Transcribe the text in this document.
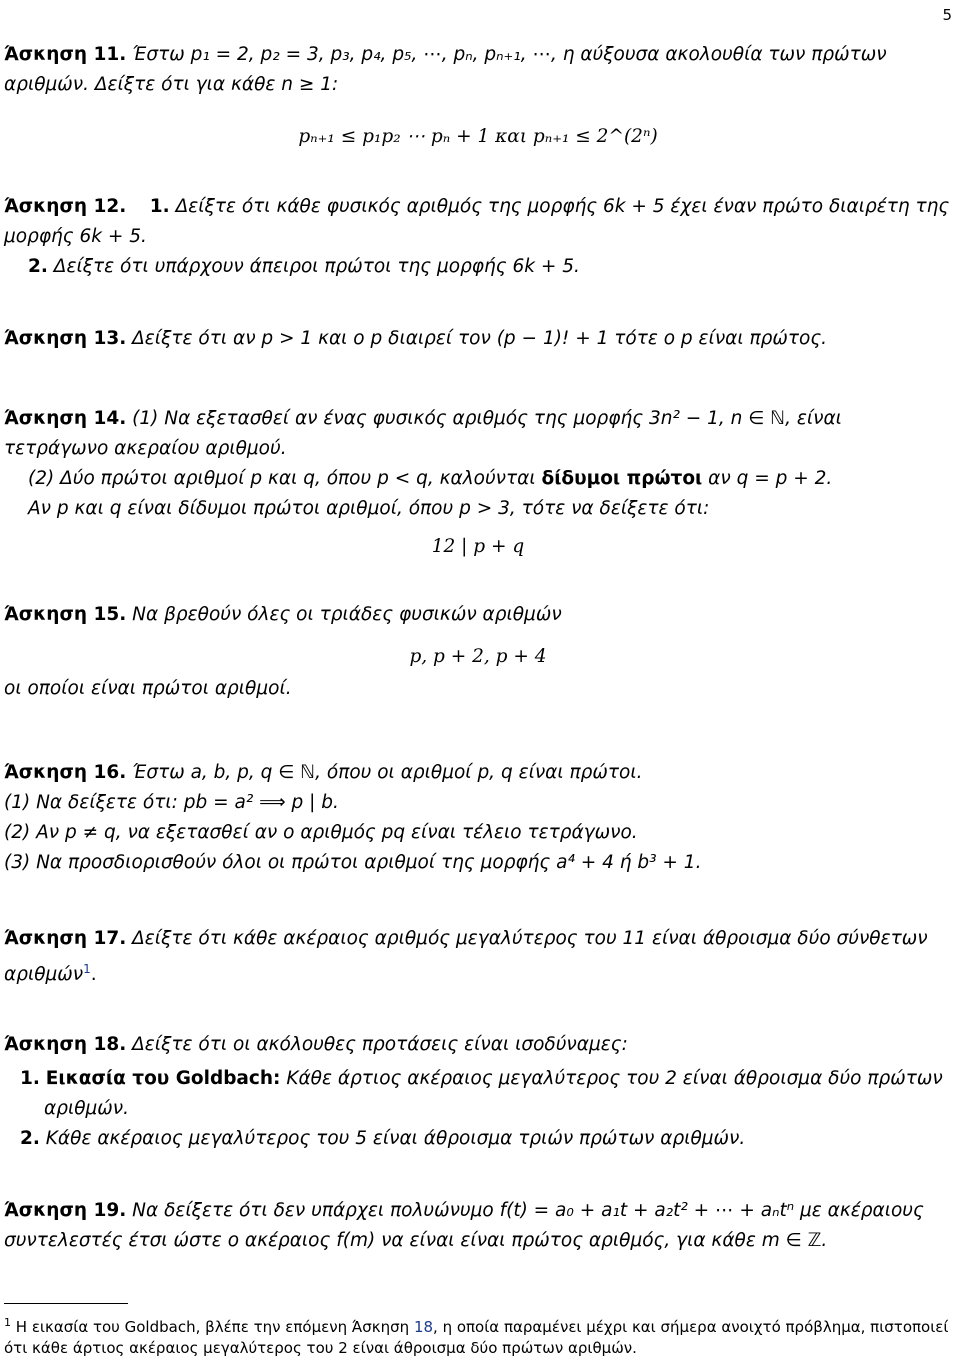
5
Άσκηση 11. Έστω p₁ = 2, p₂ = 3, p₃, p₄, p₅, ⋯, pₙ, pₙ₊₁, ⋯, η αύξουσα ακολουθία των πρώτων αριθμών. Δείξτε ότι για κάθε n ≥ 1:
pₙ₊₁ ≤ p₁p₂ ⋯ pₙ + 1 και pₙ₊₁ ≤ 2^(2ⁿ)
Άσκηση 12. 1. Δείξτε ότι κάθε φυσικός αριθμός της μορφής 6k + 5 έχει έναν πρώτο διαιρέτη της μορφής 6k + 5.
2. Δείξτε ότι υπάρχουν άπειροι πρώτοι της μορφής 6k + 5.
Άσκηση 13. Δείξτε ότι αν p > 1 και ο p διαιρεί τον (p − 1)! + 1 τότε ο p είναι πρώτος.
Άσκηση 14. (1) Να εξετασθεί αν ένας φυσικός αριθμός της μορφής 3n² − 1, n ∈ ℕ, είναι τετράγωνο ακεραίου αριθμού.
(2) Δύο πρώτοι αριθμοί p και q, όπου p < q, καλούνται δίδυμοι πρώτοι αν q = p + 2.
Αν p και q είναι δίδυμοι πρώτοι αριθμοί, όπου p > 3, τότε να δείξετε ότι:
12 | p + q
Άσκηση 15. Να βρεθούν όλες οι τριάδες φυσικών αριθμών
p, p + 2, p + 4
οι οποίοι είναι πρώτοι αριθμοί.
Άσκηση 16. Έστω a, b, p, q ∈ ℕ, όπου οι αριθμοί p, q είναι πρώτοι.
(1) Να δείξετε ότι: pb = a² ⟹ p | b.
(2) Αν p ≠ q, να εξετασθεί αν ο αριθμός pq είναι τέλειο τετράγωνο.
(3) Να προσδιορισθούν όλοι οι πρώτοι αριθμοί της μορφής a⁴ + 4 ή b³ + 1.
Άσκηση 17. Δείξτε ότι κάθε ακέραιος αριθμός μεγαλύτερος του 11 είναι άθροισμα δύο σύνθετων αριθμών$^1$.
Άσκηση 18. Δείξτε ότι οι ακόλουθες προτάσεις είναι ισοδύναμες:
1. Εικασία του Goldbach: Κάθε άρτιος ακέραιος μεγαλύτερος του 2 είναι άθροισμα δύο πρώτων αριθμών.
2. Κάθε ακέραιος μεγαλύτερος του 5 είναι άθροισμα τριών πρώτων αριθμών.
Άσκηση 19. Να δείξετε ότι δεν υπάρχει πολυώνυμο f(t) = a₀ + a₁t + a₂t² + ⋯ + aₙtⁿ με ακέραιους συντελεστές έτσι ώστε ο ακέραιος f(m) να είναι είναι πρώτος αριθμός, για κάθε m ∈ ℤ.
$^1$ Η εικασία του Goldbach, βλέπε την επόμενη Άσκηση 18, η οποία παραμένει μέχρι και σήμερα ανοιχτό πρόβλημα, πιστοποιεί ότι κάθε άρτιος ακέραιος μεγαλύτερος του 2 είναι άθροισμα δύο πρώτων αριθμών.
